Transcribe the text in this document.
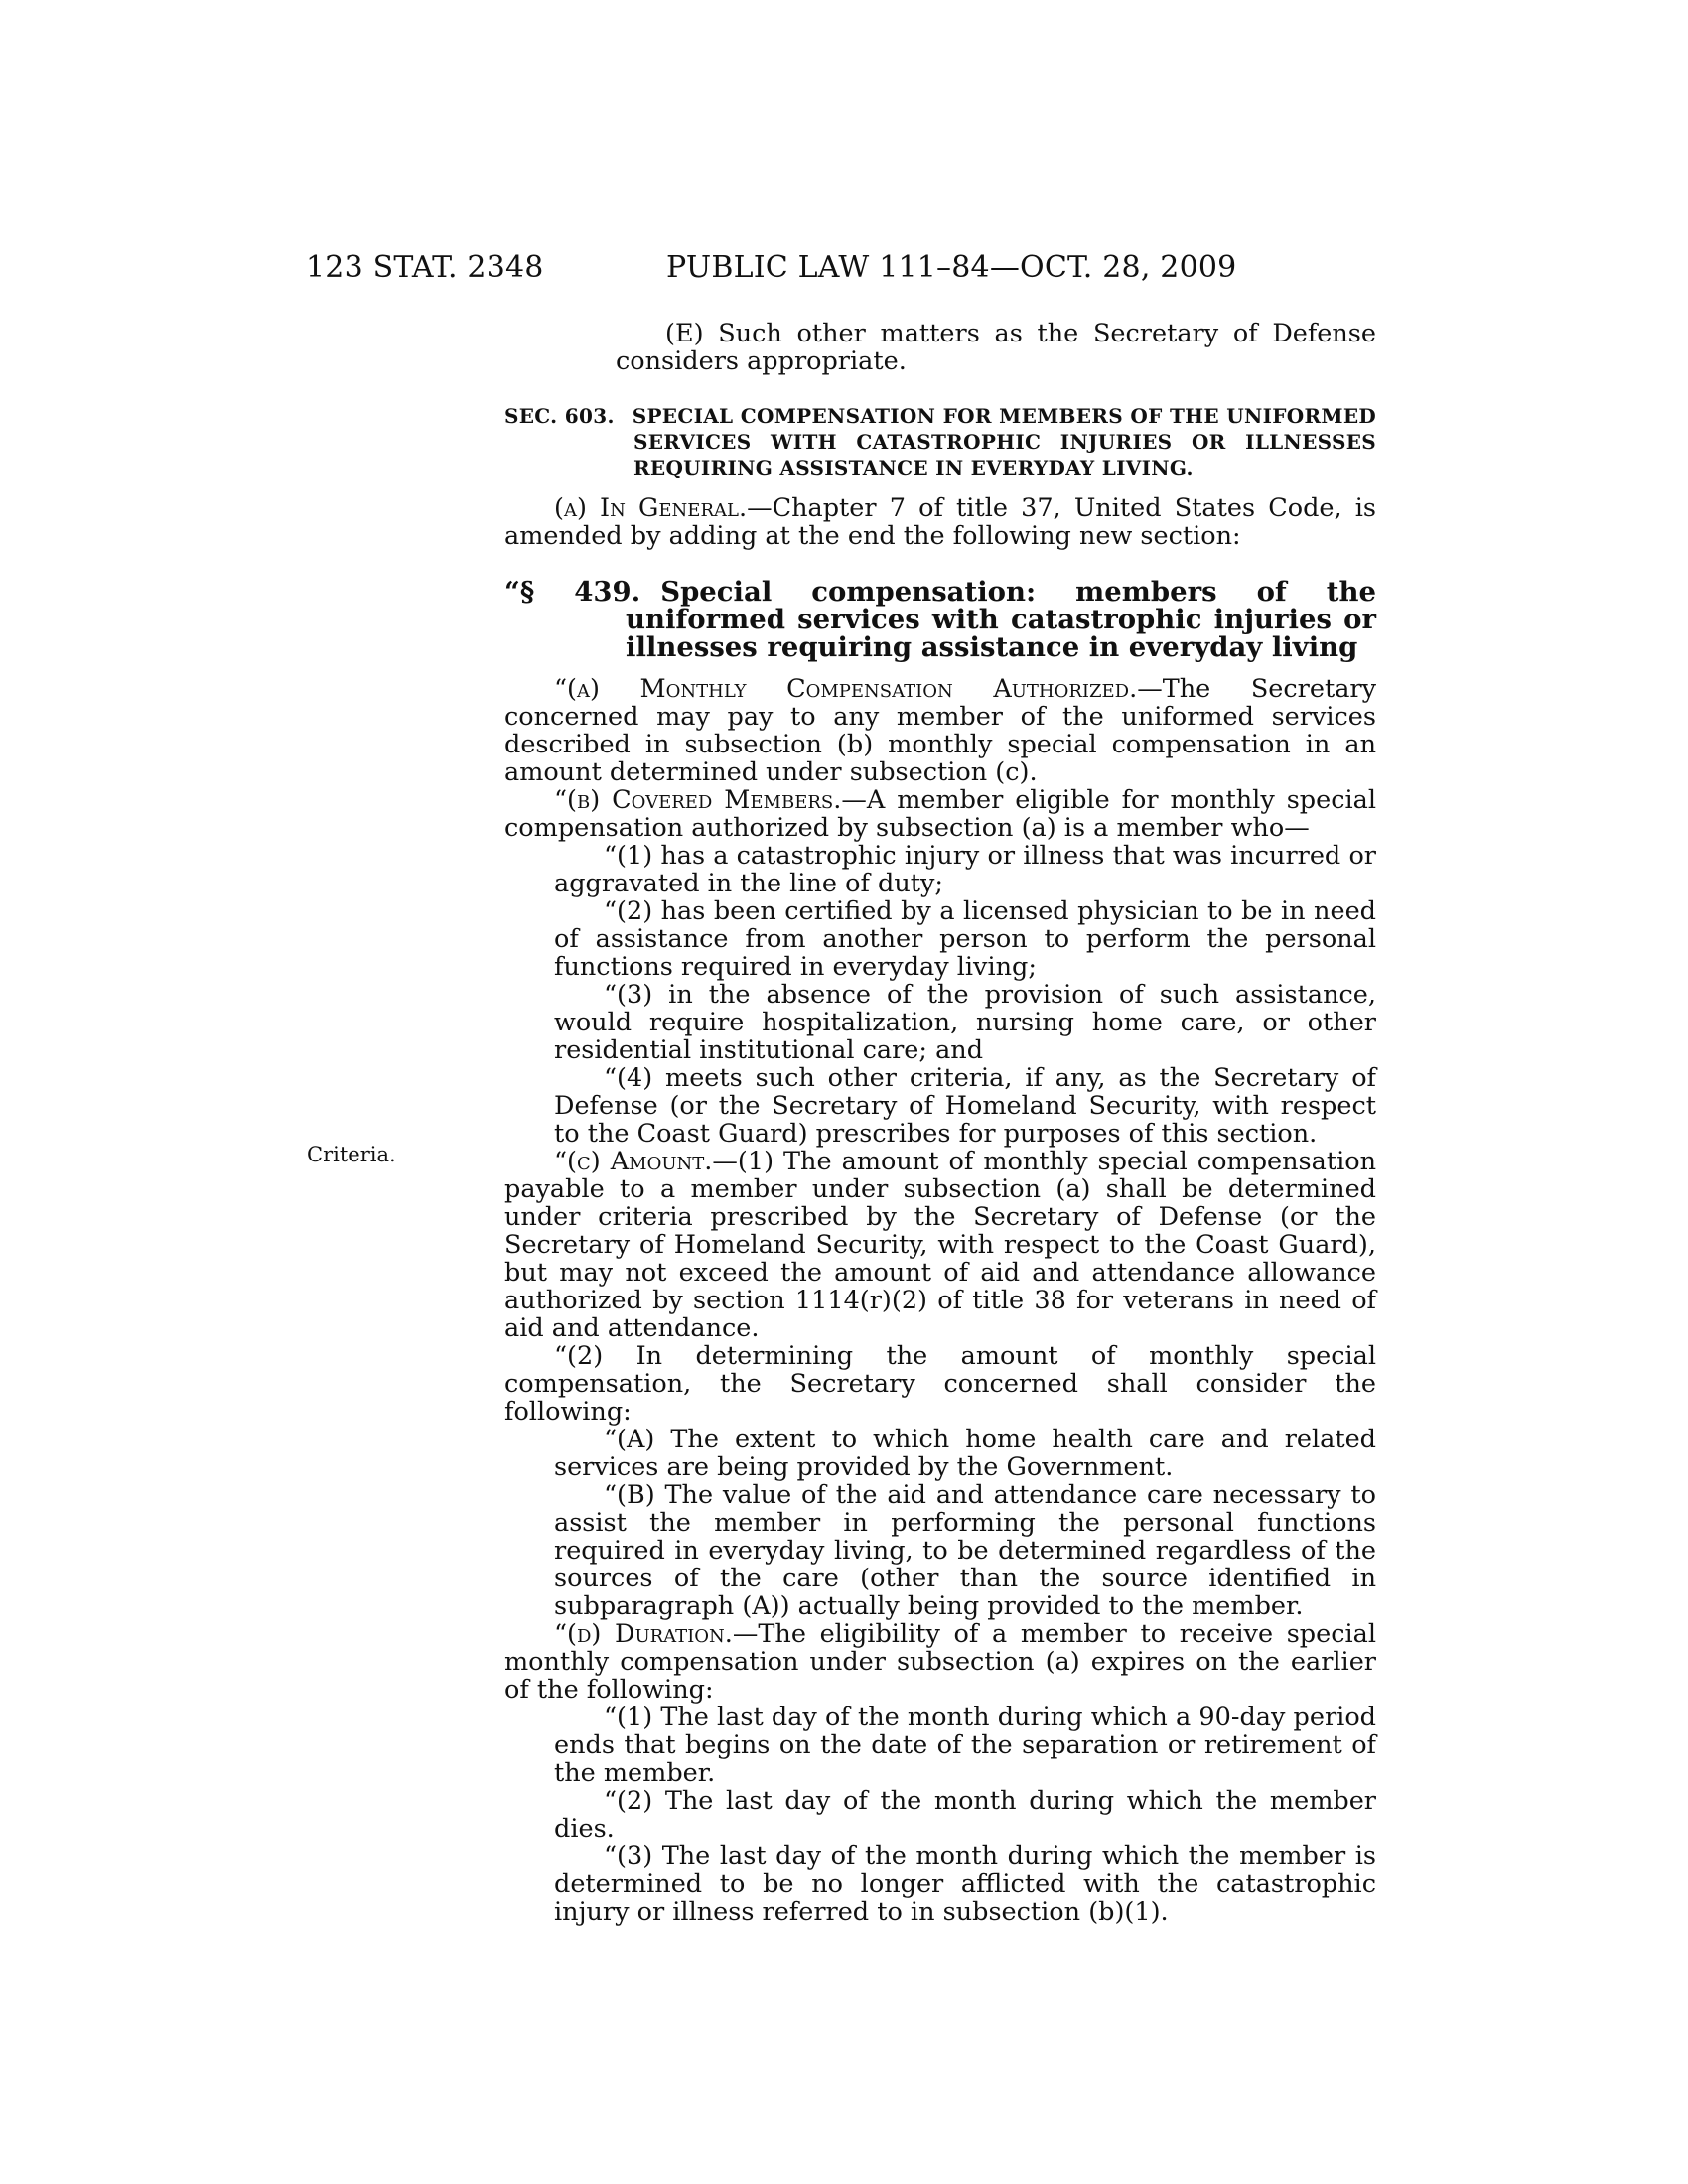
123 STAT. 2348	PUBLIC LAW 111–84—OCT. 28, 2009
Criteria.

(E) Such other matters as the Secretary of Defense considers appropriate.

SEC. 603. SPECIAL COMPENSATION FOR MEMBERS OF THE UNIFORMED SERVICES WITH CATASTROPHIC INJURIES OR ILLNESSES REQUIRING ASSISTANCE IN EVERYDAY LIVING.

(a) In General.—Chapter 7 of title 37, United States Code, is amended by adding at the end the following new section:

“§ 439. Special compensation: members of the uniformed services with catastrophic injuries or illnesses requiring assistance in everyday living

“(a) Monthly Compensation Authorized.—The Secretary concerned may pay to any member of the uniformed services described in subsection (b) monthly special compensation in an amount determined under subsection (c).

“(b) Covered Members.—A member eligible for monthly special compensation authorized by subsection (a) is a member who—

“(1) has a catastrophic injury or illness that was incurred or aggravated in the line of duty;

“(2) has been certified by a licensed physician to be in need of assistance from another person to perform the personal functions required in everyday living;

“(3) in the absence of the provision of such assistance, would require hospitalization, nursing home care, or other residential institutional care; and

“(4) meets such other criteria, if any, as the Secretary of Defense (or the Secretary of Homeland Security, with respect to the Coast Guard) prescribes for purposes of this section.

“(c) Amount.—(1) The amount of monthly special compensation payable to a member under subsection (a) shall be determined under criteria prescribed by the Secretary of Defense (or the Secretary of Homeland Security, with respect to the Coast Guard), but may not exceed the amount of aid and attendance allowance authorized by section 1114(r)(2) of title 38 for veterans in need of aid and attendance.

“(2) In determining the amount of monthly special compensation, the Secretary concerned shall consider the following:

“(A) The extent to which home health care and related services are being provided by the Government.

“(B) The value of the aid and attendance care necessary to assist the member in performing the personal functions required in everyday living, to be determined regardless of the sources of the care (other than the source identified in subparagraph (A)) actually being provided to the member.

“(d) Duration.—The eligibility of a member to receive special monthly compensation under subsection (a) expires on the earlier of the following:

“(1) The last day of the month during which a 90-day period ends that begins on the date of the separation or retirement of the member.

“(2) The last day of the month during which the member dies.

“(3) The last day of the month during which the member is determined to be no longer afflicted with the catastrophic injury or illness referred to in subsection (b)(1).
